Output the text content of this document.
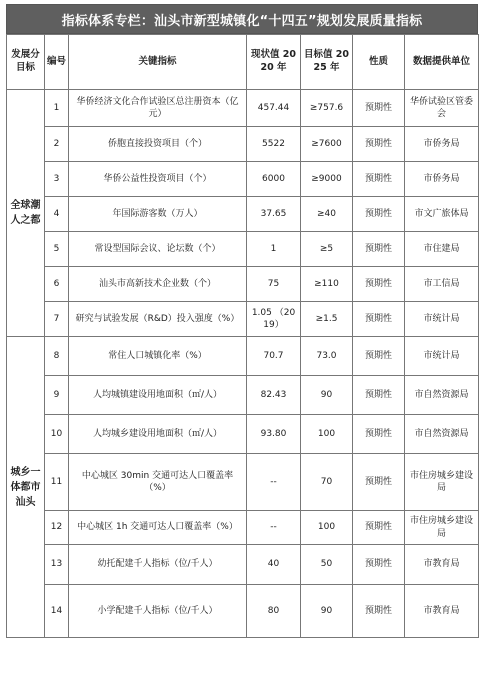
指标体系专栏：汕头市新型城镇化“十四五”规划发展质量指标
发展分目标	编号	关键指标	现状值 2020 年	目标值 2025 年	性质	数据提供单位
全球潮人之都	1	华侨经济文化合作试验区总注册资本（亿元）	457.44	≥757.6	预期性	华侨试验区管委会
	2	侨胞直接投资项目（个）	5522	≥7600	预期性	市侨务局
	3	华侨公益性投资项目（个）	6000	≥9000	预期性	市侨务局
	4	年国际游客数（万人）	37.65	≥40	预期性	市文广旅体局
	5	常设型国际会议、论坛数（个）	1	≥5	预期性	市住建局
	6	汕头市高新技术企业数（个）	75	≥110	预期性	市工信局
	7	研究与试验发展（R&D）投入强度（%）	1.05 （2019）	≥1.5	预期性	市统计局
城乡一体都市汕头	8	常住人口城镇化率（%）	70.7	73.0	预期性	市统计局
	9	人均城镇建设用地面积（㎡/人）	82.43	90	预期性	市自然资源局
	10	人均城乡建设用地面积（㎡/人）	93.80	100	预期性	市自然资源局
	11	中心城区 30min 交通可达人口覆盖率（%）	--	70	预期性	市住房城乡建设局
	12	中心城区 1h 交通可达人口覆盖率（%）	--	100	预期性	市住房城乡建设局
	13	幼托配建千人指标（位/千人）	40	50	预期性	市教育局
	14	小学配建千人指标（位/千人）	80	90	预期性	市教育局
